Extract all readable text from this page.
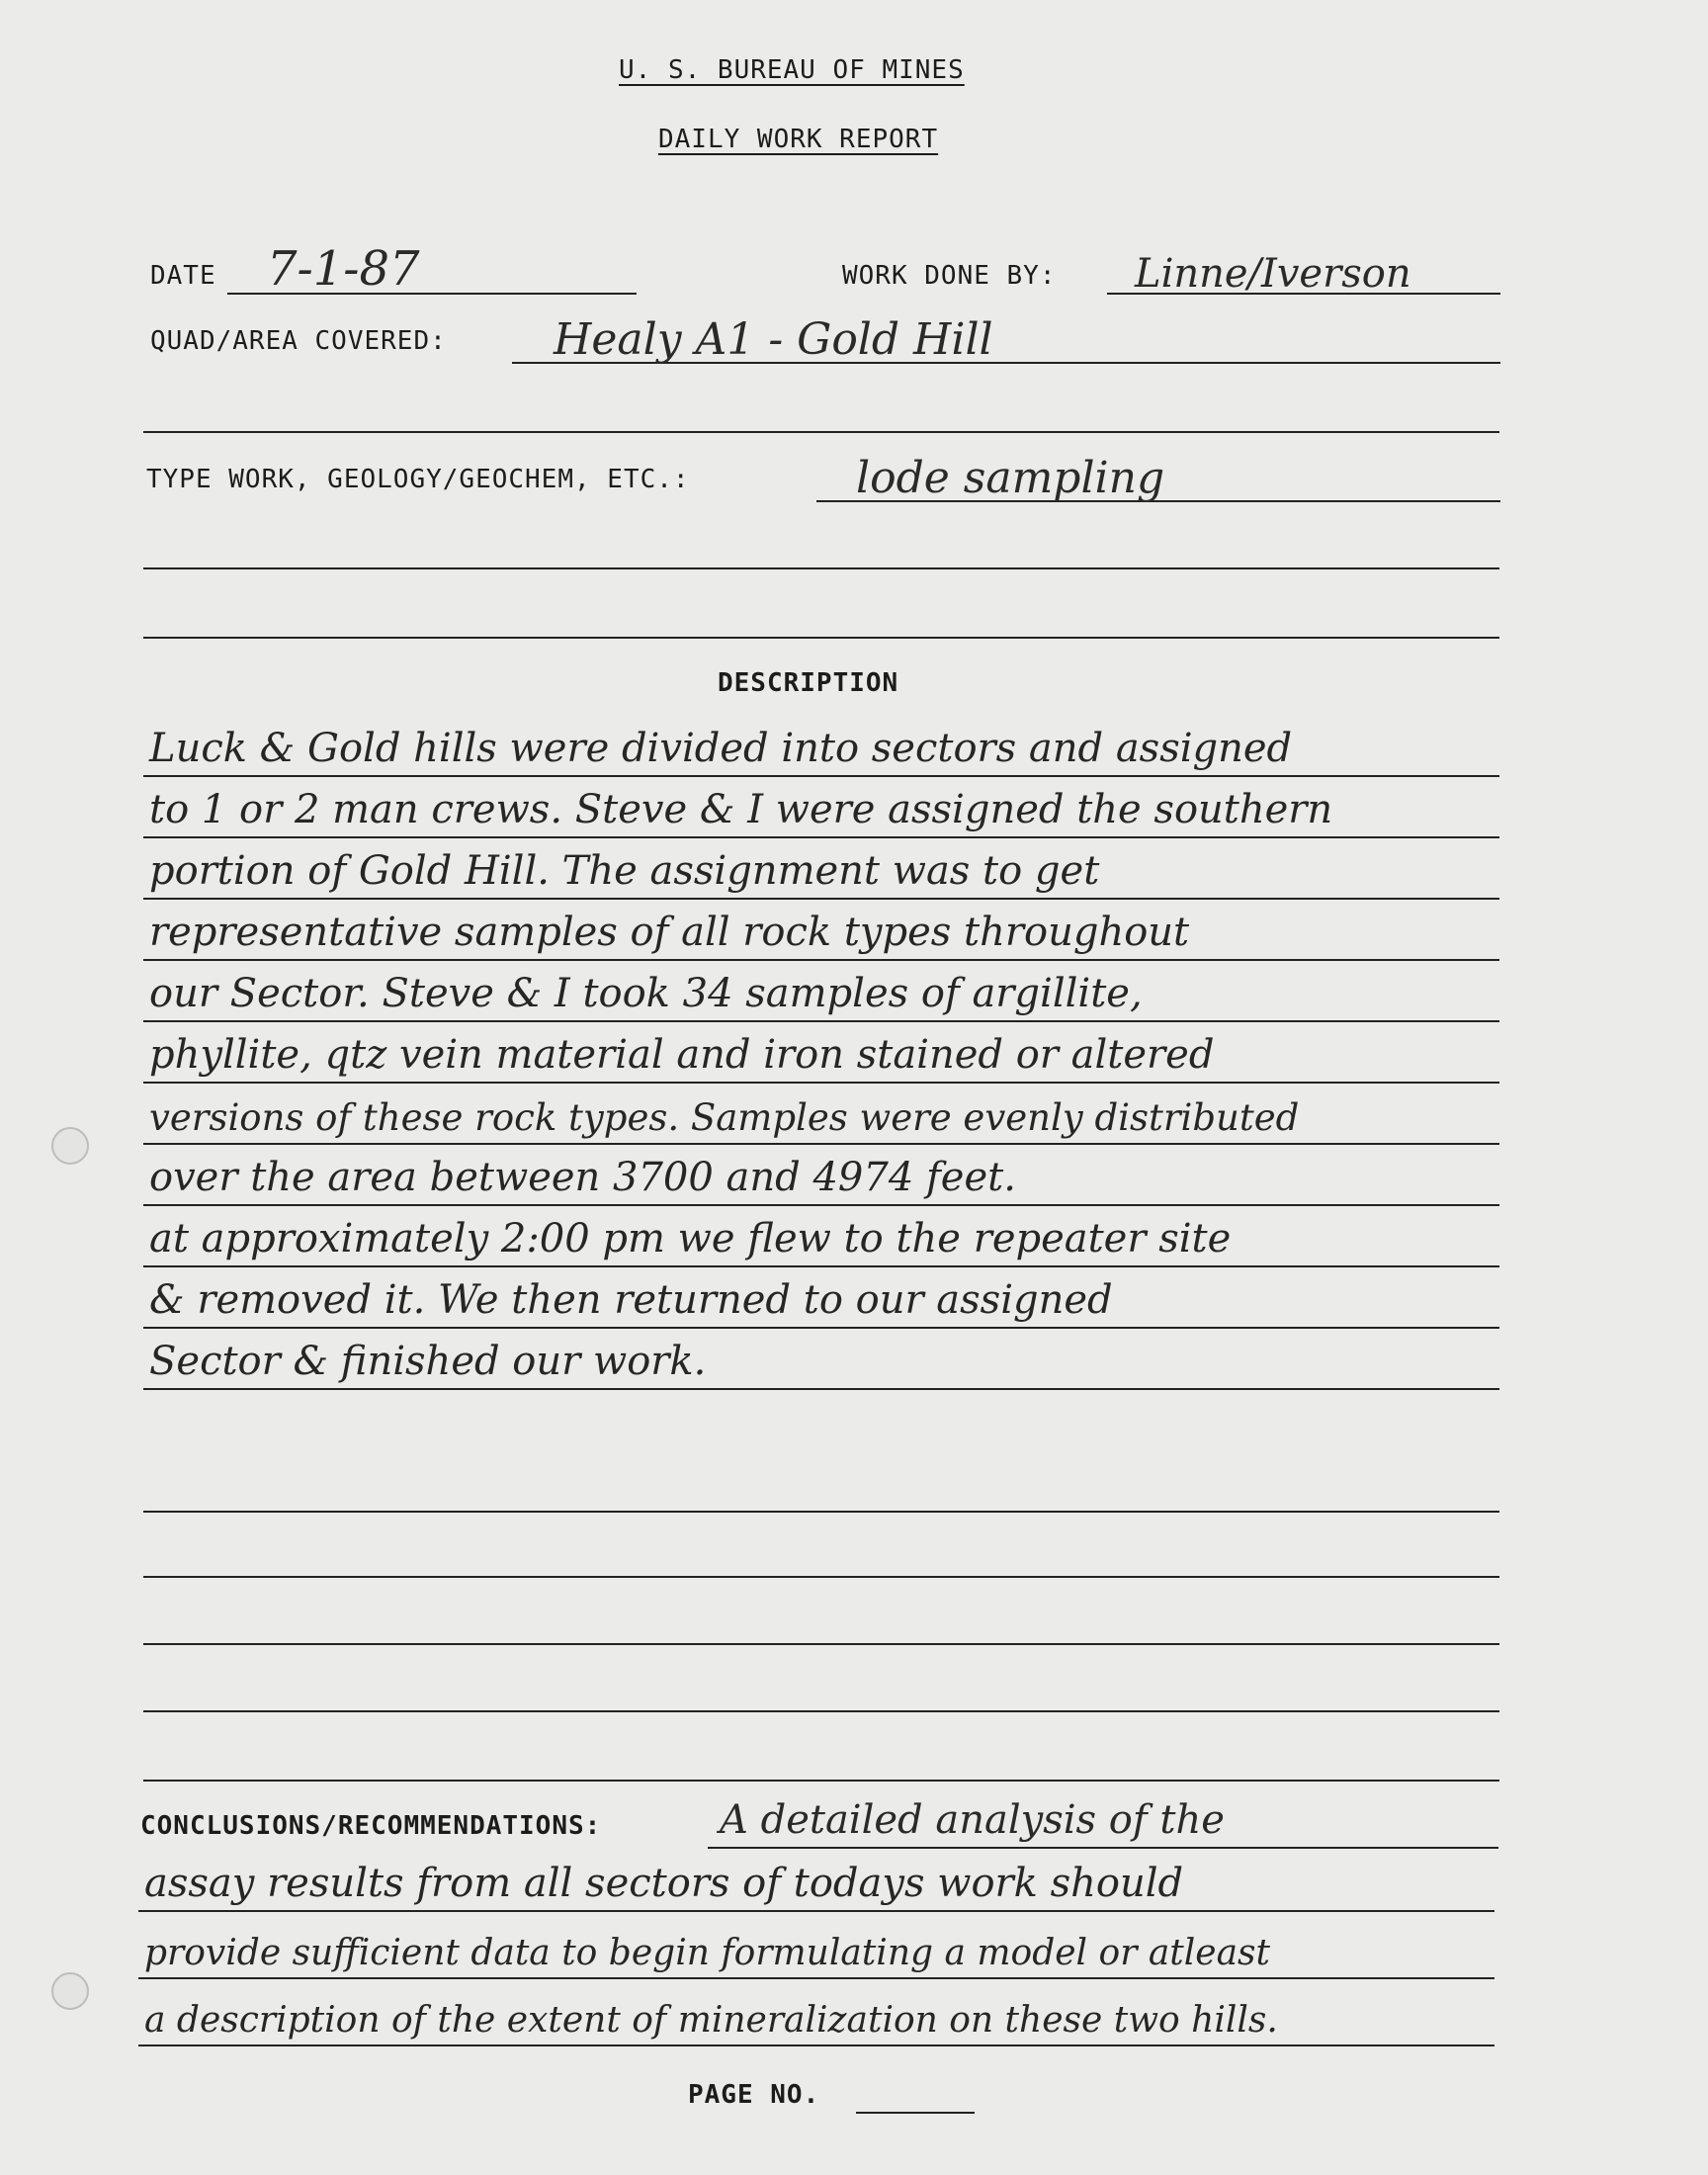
U. S. BUREAU OF MINES
DAILY WORK REPORT
DATE 7-1-87	WORK DONE BY: Linne/Iverson
QUAD/AREA COVERED: Healy A1 - Gold Hill
TYPE WORK, GEOLOGY/GEOCHEM, ETC.:	lode sampling
DESCRIPTION
Luck & Gold hills were divided into sectors and assigned
to 1 or 2 man crews. Steve & I were assigned the southern
portion of Gold Hill. The assignment was to get
representative samples of all rock types throughout
our Sector. Steve & I took 34 samples of argillite,
phyllite, qtz vein material and iron stained or altered
versions of these rock types. Samples were evenly distributed
over the area between 3700 and 4974 feet.
at approximately 2:00 pm we flew to the repeater site
& removed it. We then returned to our assigned
Sector & finished our work.
CONCLUSIONS/RECOMMENDATIONS:	A detailed analysis of the
assay results from all sectors of todays work should
provide sufficient data to begin formulating a model or atleast
a description of the extent of mineralization on these two hills.
PAGE NO.
